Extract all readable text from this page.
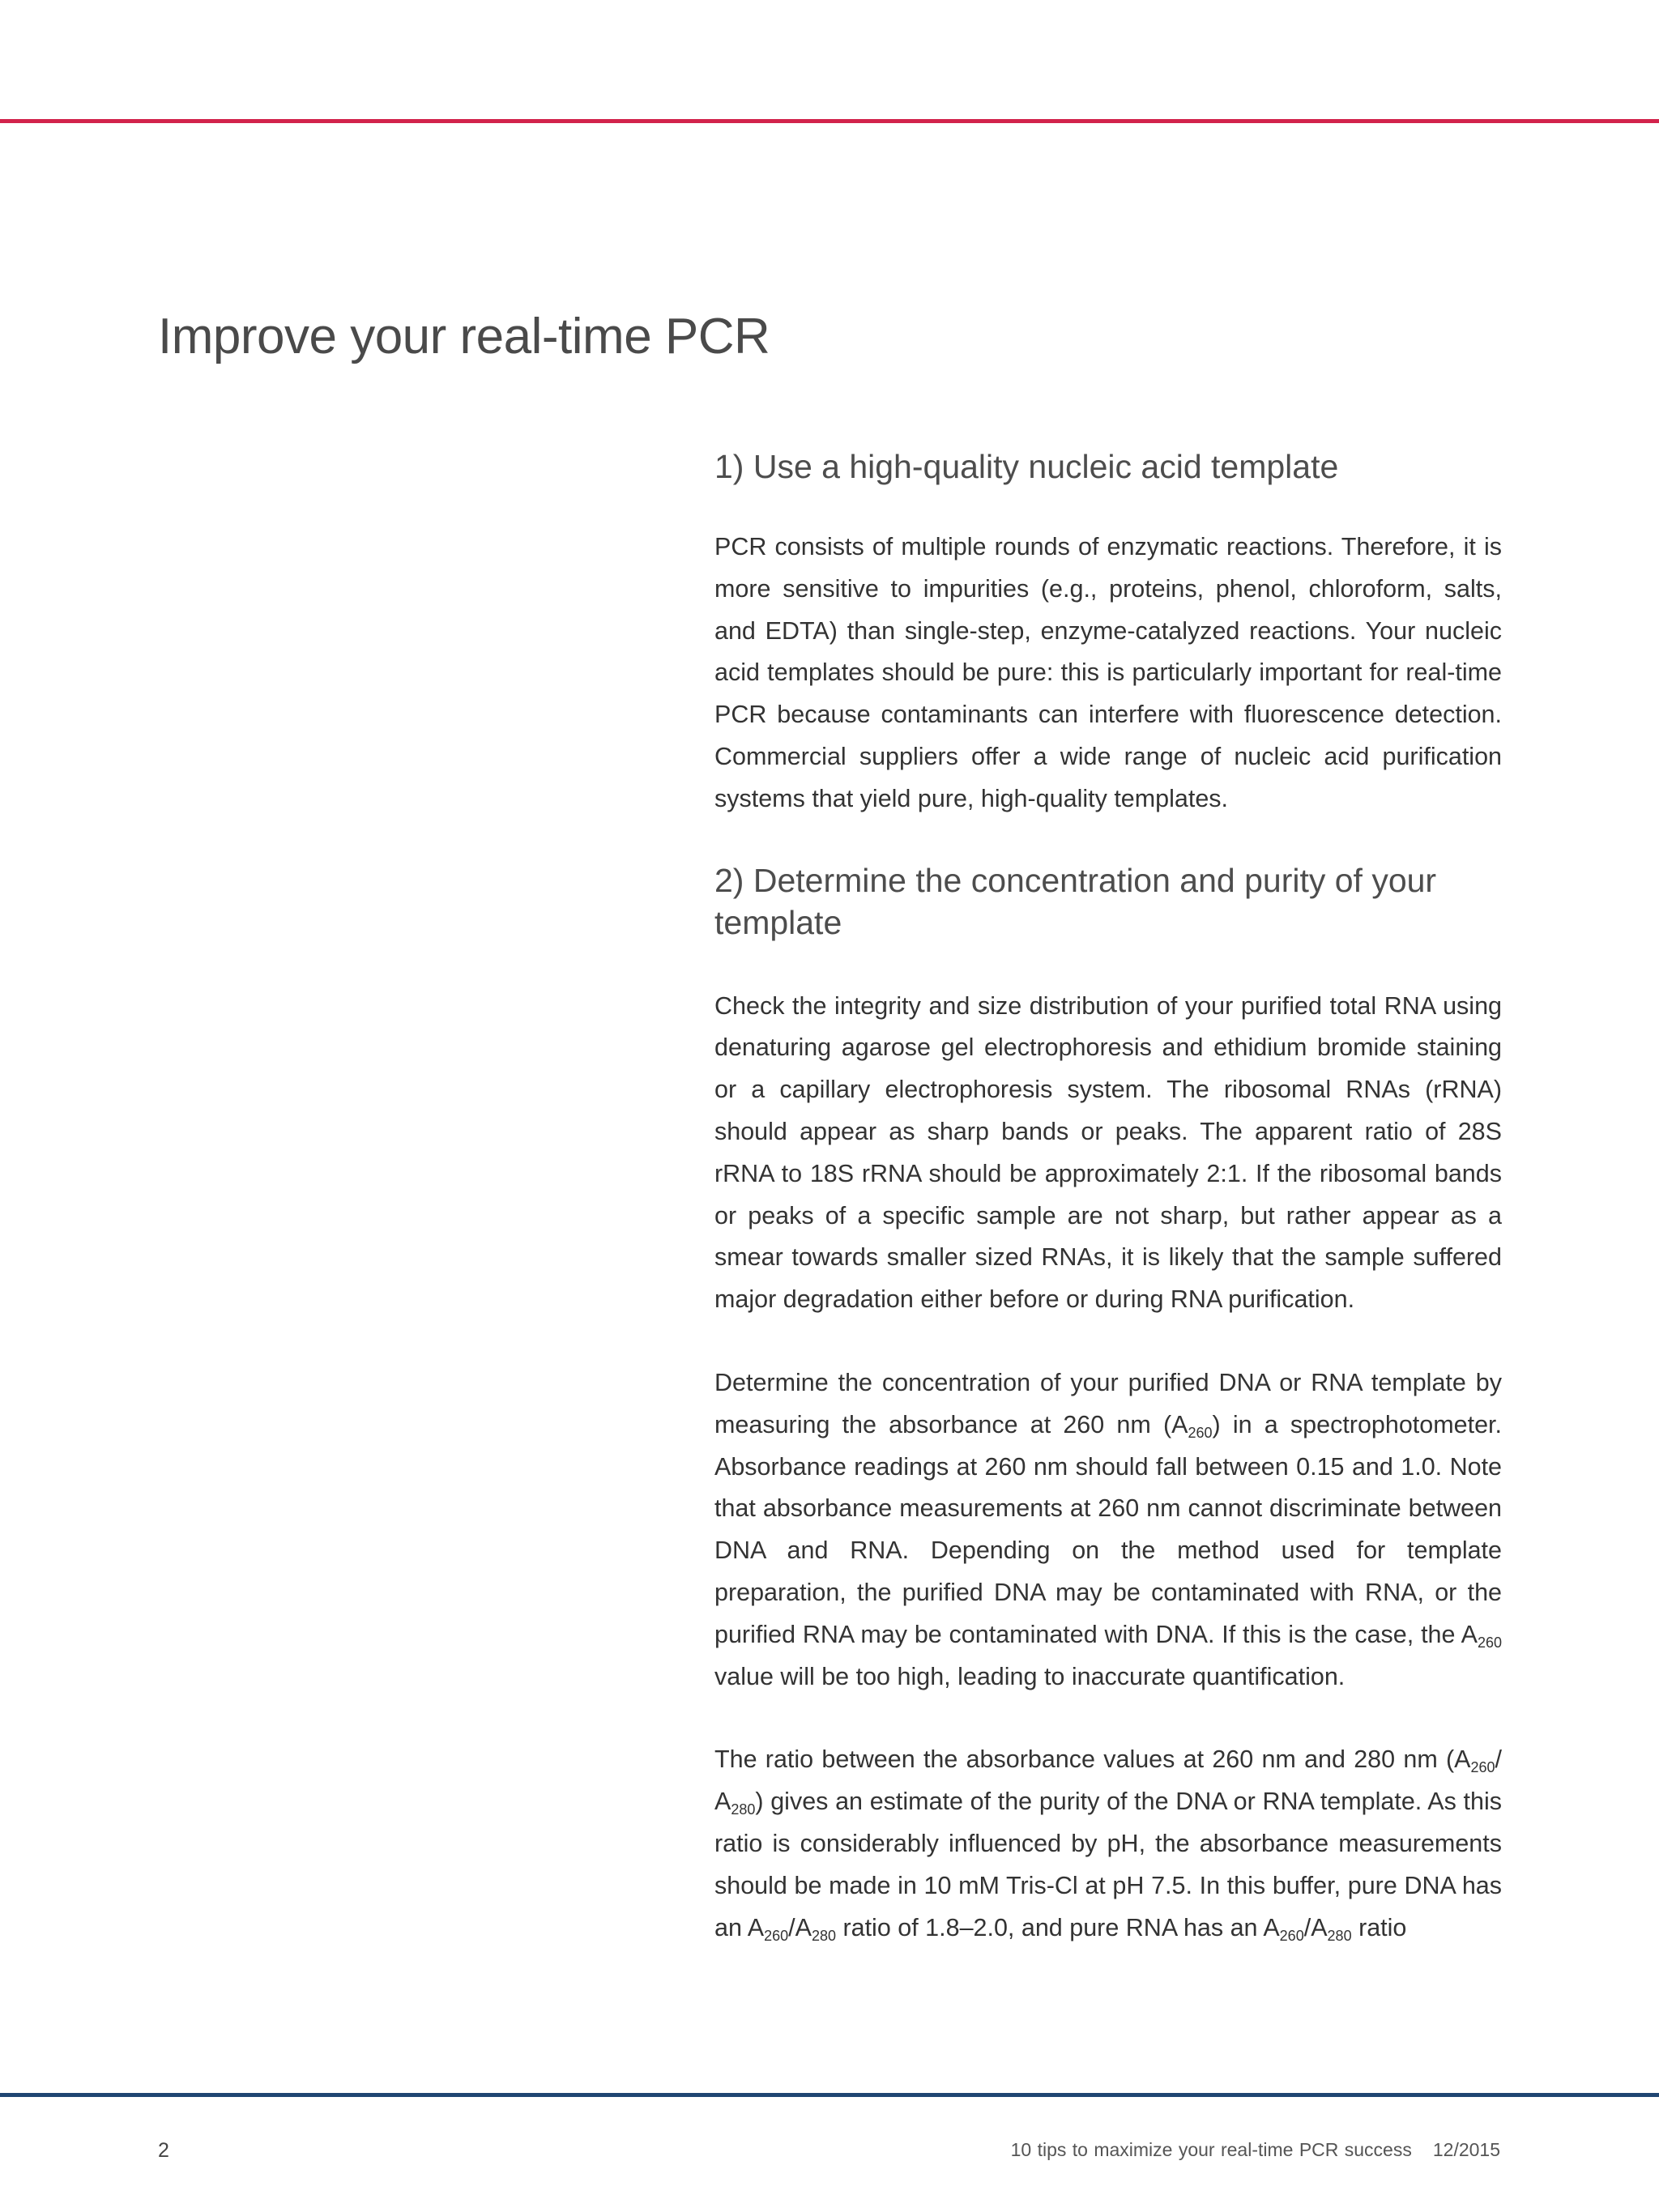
Improve your real-time PCR
1) Use a high-quality nucleic acid template

PCR consists of multiple rounds of enzymatic reactions. Therefore, it is more sensitive to impurities (e.g., proteins, phenol, chloroform, salts, and EDTA) than single-step, enzyme-catalyzed reactions. Your nucleic acid templates should be pure: this is particularly important for real-time PCR because contaminants can interfere with fluorescence detection. Commercial suppliers offer a wide range of nucleic acid purification systems that yield pure, high-quality templates.

2) Determine the concentration and purity of your template

Check the integrity and size distribution of your purified total RNA using denaturing agarose gel electrophoresis and ethidium bromide staining or a capillary electrophoresis system. The ribosomal RNAs (rRNA) should appear as sharp bands or peaks. The apparent ratio of 28S rRNA to 18S rRNA should be approximately 2:1. If the ribosomal bands or peaks of a specific sample are not sharp, but rather appear as a smear towards smaller sized RNAs, it is likely that the sample suffered major degradation either before or during RNA purification.

Determine the concentration of your purified DNA or RNA template by measuring the absorbance at 260 nm $(A_{260})$ in a spectrophotometer. Absorbance readings at 260 nm should fall between 0.15 and 1.0. Note that absorbance measurements at 260 nm cannot discriminate between DNA and RNA. Depending on the method used for template preparation, the purified DNA may be contaminated with RNA, or the purified RNA may be contaminated with DNA. If this is the case, the $A_{260}$ value will be too high, leading to inaccurate quantification.

The ratio between the absorbance values at 260 nm and 280 nm ($A_{260}/$ $A_{280}$) gives an estimate of the purity of the DNA or RNA template. As this ratio is considerably influenced by pH, the absorbance measurements should be made in 10 mM Tris-Cl at pH 7.5. In this buffer, pure DNA has an $A_{260}/A_{280}$ ratio of 1.8–2.0, and pure RNA has an $A_{260}/A_{280}$ ratio

2	10 tips to maximize your real-time PCR success 12/2015
